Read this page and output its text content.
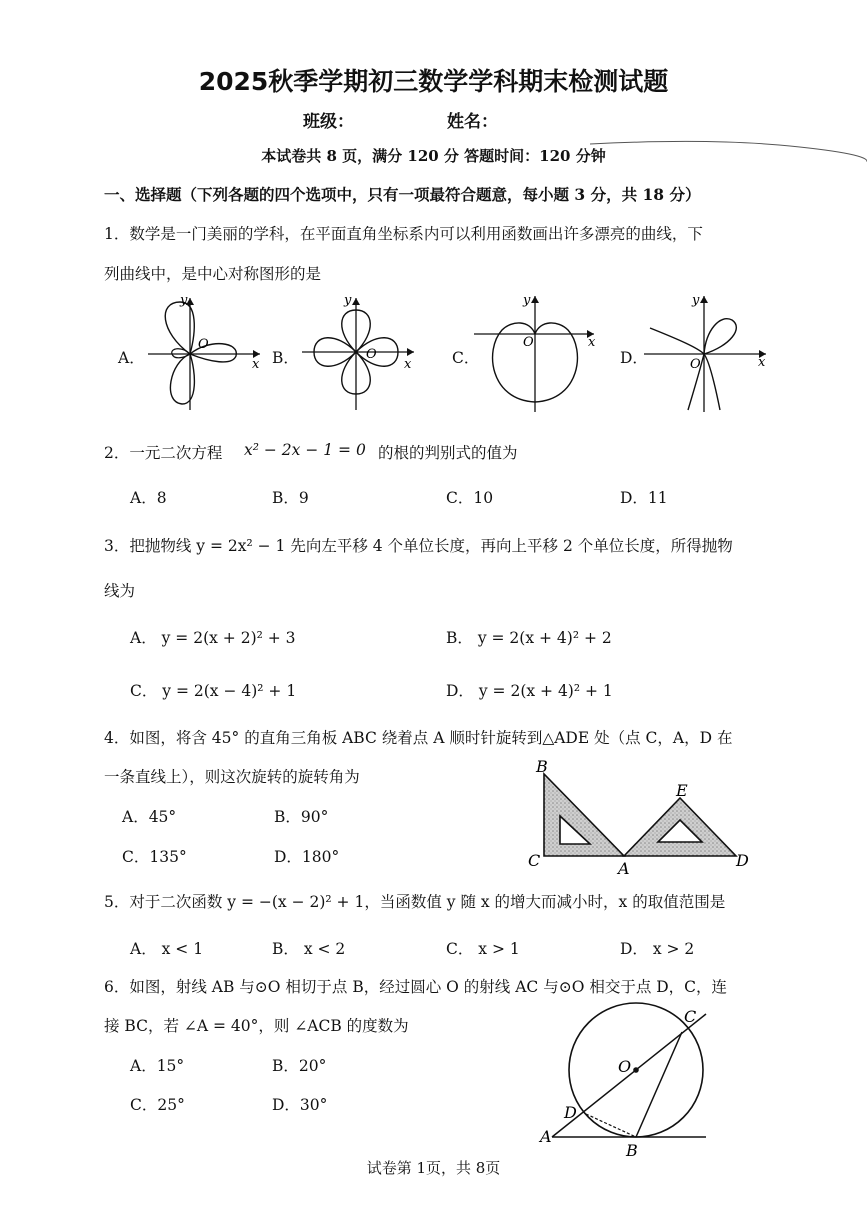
2025秋季学期初三数学学科期末检测试题
班级：	姓名：
本试卷共 8 页，满分 120 分 答题时间：120 分钟
一、选择题（下列各题的四个选项中，只有一项最符合题意，每小题 3 分，共 18 分）
1．数学是一门美丽的学科，在平面直角坐标系内可以利用函数画出许多漂亮的曲线，下
列曲线中，是中心对称图形的是
A．
O
x
y
B．	O
x
y
C．
O	x
y
D．	O	x
y
2．一元二次方程 x² − 2x − 1 = 0 的根的判别式的值为
A．8	B．9	C．10	D．11
3．把抛物线 y = 2x² − 1 先向左平移 4 个单位长度，再向上平移 2 个单位长度，所得抛物
线为
A． y = 2(x + 2)² + 3	B． y = 2(x + 4)² + 2
C． y = 2(x − 4)² + 1	D． y = 2(x + 4)² + 1
4．如图，将含 45° 的直角三角板 ABC 绕着点 A 顺时针旋转到△ADE 处（点 C，A，D 在
一条直线上），则这次旋转的旋转角为
A．45°	B．90°
C．135°	D．180°
B
C	A
E
D
5．对于二次函数 y = −(x − 2)² + 1，当函数值 y 随 x 的增大而减小时，x 的取值范围是
A． x < 1	B． x < 2	C． x > 1	D． x > 2
6．如图，射线 AB 与⊙O 相切于点 B，经过圆心 O 的射线 AC 与⊙O 相交于点 D，C，连
接 BC，若 ∠A = 40°，则 ∠ACB 的度数为
A．15°	B．20°
C．25°	D．30°
C
O
D
A
B
试卷第 1页，共 8页
